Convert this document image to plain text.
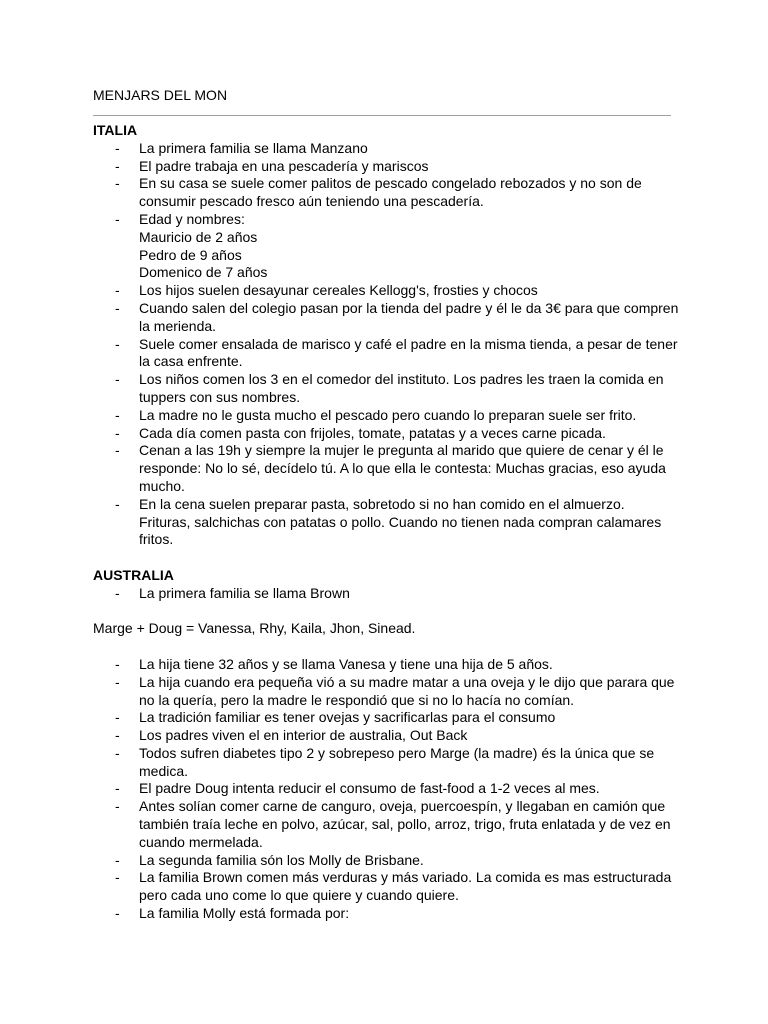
MENJARS DEL MON
ITALIA
- La primera familia se llama Manzano
- El padre trabaja en una pescadería y mariscos
- En su casa se suele comer palitos de pescado congelado rebozados y no son de consumir pescado fresco aún teniendo una pescadería.
- Edad y nombres:
Mauricio de 2 años
Pedro de 9 años
Domenico de 7 años
- Los hijos suelen desayunar cereales Kellogg's, frosties y chocos
- Cuando salen del colegio pasan por la tienda del padre y él le da 3€ para que compren la merienda.
- Suele comer ensalada de marisco y café el padre en la misma tienda, a pesar de tener la casa enfrente.
- Los niños comen los 3 en el comedor del instituto. Los padres les traen la comida en tuppers con sus nombres.
- La madre no le gusta mucho el pescado pero cuando lo preparan suele ser frito.
- Cada día comen pasta con frijoles, tomate, patatas y a veces carne picada.
- Cenan a las 19h y siempre la mujer le pregunta al marido que quiere de cenar y él le responde: No lo sé, decídelo tú. A lo que ella le contesta: Muchas gracias, eso ayuda mucho.
- En la cena suelen preparar pasta, sobretodo si no han comido en el almuerzo. Frituras, salchichas con patatas o pollo. Cuando no tienen nada compran calamares fritos.
AUSTRALIA
- La primera familia se llama Brown
Marge + Doug = Vanessa, Rhy, Kaila, Jhon, Sinead.
- La hija tiene 32 años y se llama Vanesa y tiene una hija de 5 años.
- La hija cuando era pequeña vió a su madre matar a una oveja y le dijo que parara que no la quería, pero la madre le respondió que si no lo hacía no comían.
- La tradición familiar es tener ovejas y sacrificarlas para el consumo
- Los padres viven el en interior de australia, Out Back
- Todos sufren diabetes tipo 2 y sobrepeso pero Marge (la madre) és la única que se medica.
- El padre Doug intenta reducir el consumo de fast-food a 1-2 veces al mes.
- Antes solían comer carne de canguro, oveja, puercoespín, y llegaban en camión que también traía leche en polvo, azúcar, sal, pollo, arroz, trigo, fruta enlatada y de vez en cuando mermelada.
- La segunda familia són los Molly de Brisbane.
- La familia Brown comen más verduras y más variado. La comida es mas estructurada pero cada uno come lo que quiere y cuando quiere.
- La familia Molly está formada por:
